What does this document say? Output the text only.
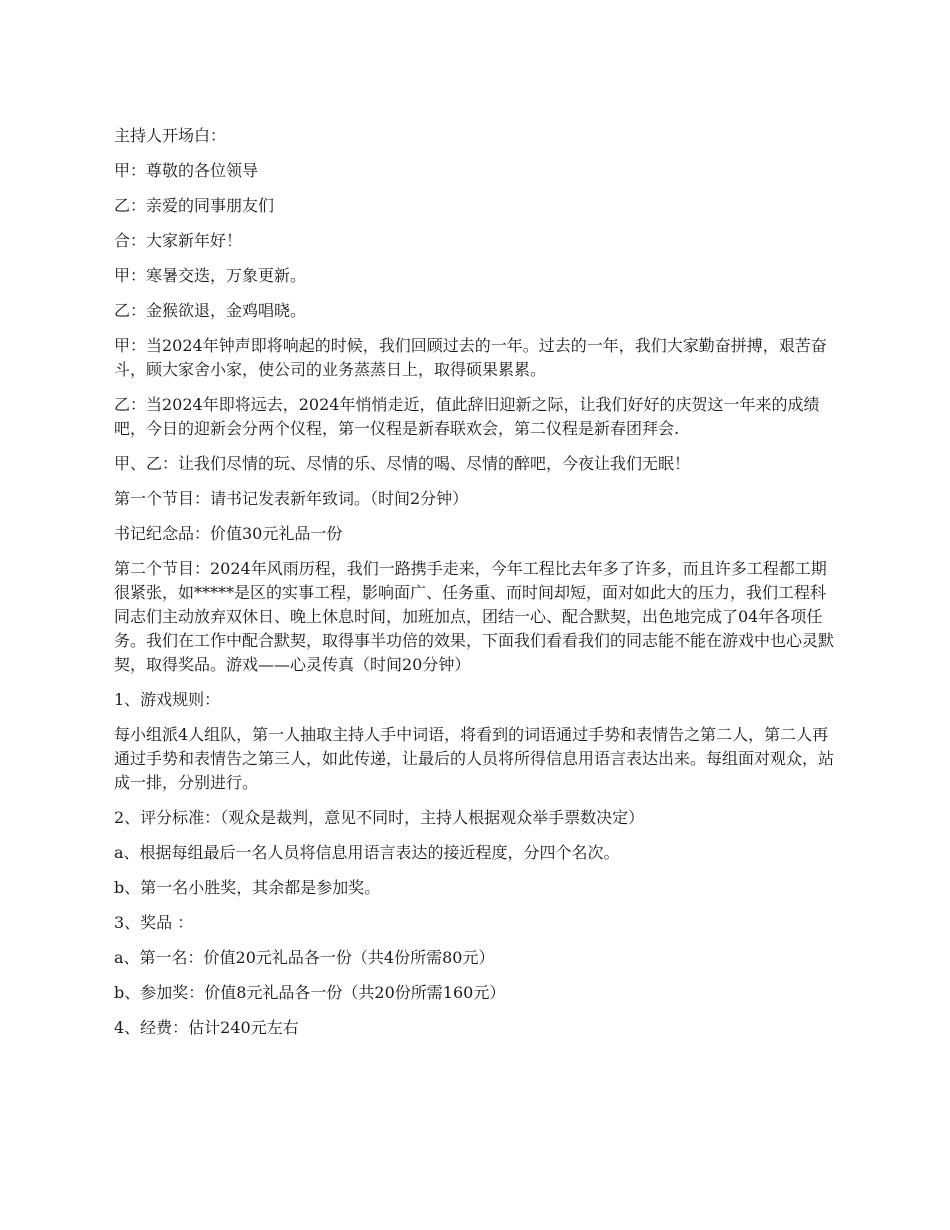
主持人开场白：

甲：尊敬的各位领导

乙：亲爱的同事朋友们

合：大家新年好！

甲：寒暑交迭，万象更新。

乙：金猴欲退，金鸡唱晓。

甲：当2024年钟声即将响起的时候，我们回顾过去的一年。过去的一年，我们大家勤奋拼搏，艰苦奋斗，顾大家舍小家，使公司的业务蒸蒸日上，取得硕果累累。

乙：当2024年即将远去，2024年悄悄走近，值此辞旧迎新之际，让我们好好的庆贺这一年来的成绩吧，今日的迎新会分两个仪程，第一仪程是新春联欢会，第二仪程是新春团拜会.

甲、乙：让我们尽情的玩、尽情的乐、尽情的喝、尽情的醉吧，今夜让我们无眠！

第一个节目：请书记发表新年致词。（时间2分钟）

书记纪念品：价值30元礼品一份

第二个节目：2024年风雨历程，我们一路携手走来，今年工程比去年多了许多，而且许多工程都工期很紧张，如*****是区的实事工程，影响面广、任务重、而时间却短，面对如此大的压力，我们工程科同志们主动放弃双休日、晚上休息时间，加班加点，团结一心、配合默契，出色地完成了04年各项任务。我们在工作中配合默契，取得事半功倍的效果，下面我们看看我们的同志能不能在游戏中也心灵默契，取得奖品。游戏——心灵传真（时间20分钟）

1、游戏规则：

每小组派4人组队，第一人抽取主持人手中词语，将看到的词语通过手势和表情告之第二人，第二人再通过手势和表情告之第三人，如此传递，让最后的人员将所得信息用语言表达出来。每组面对观众，站成一排，分别进行。

2、评分标准：（观众是裁判，意见不同时，主持人根据观众举手票数决定）

a、根据每组最后一名人员将信息用语言表达的接近程度，分四个名次。

b、第一名小胜奖，其余都是参加奖。

3、奖品 ：

a、第一名：价值20元礼品各一份（共4份所需80元）

b、参加奖：价值8元礼品各一份（共20份所需160元）

4、经费：估计240元左右
